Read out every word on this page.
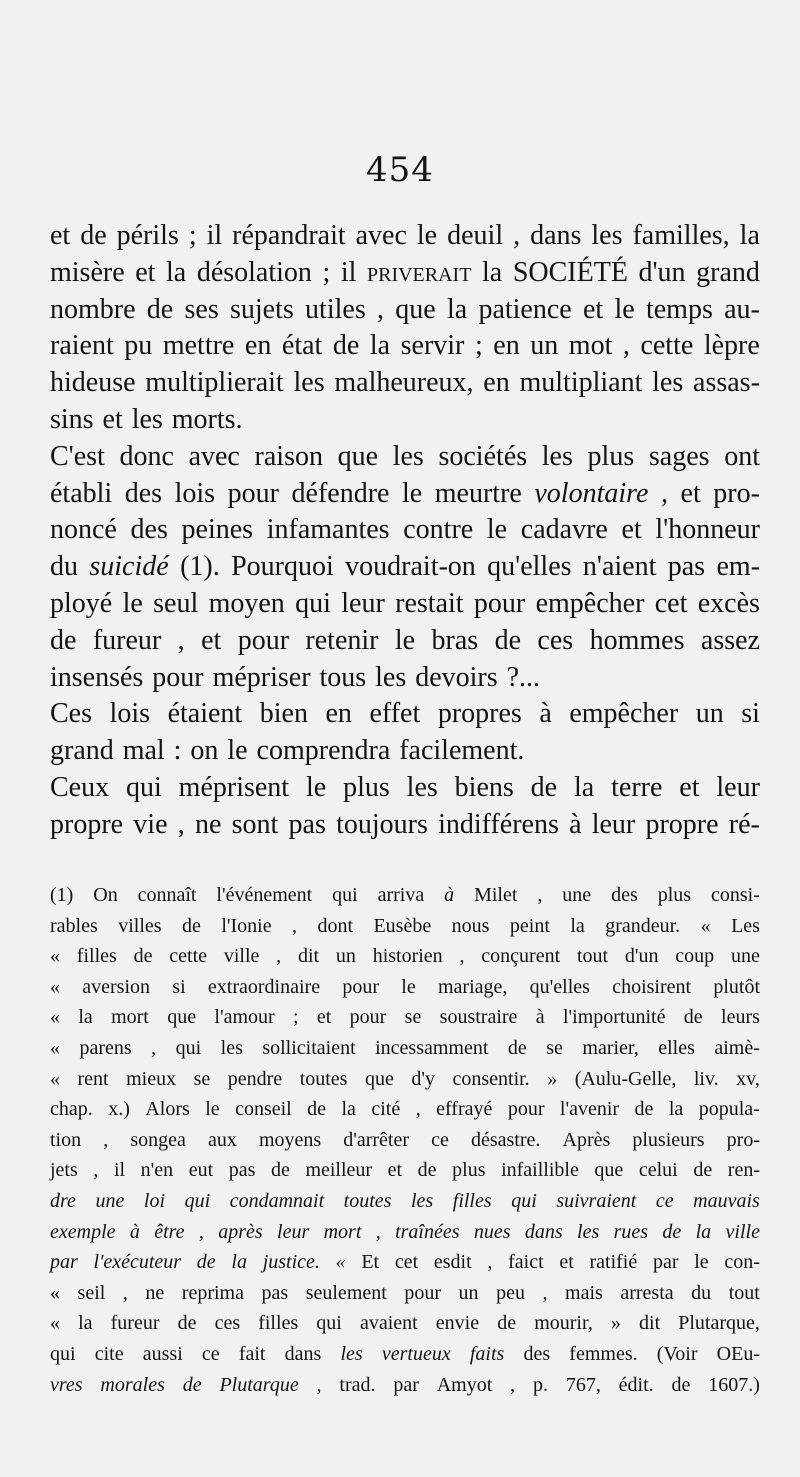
454
et de périls ; il répandrait avec le deuil , dans les familles, la
misère et la désolation ; il priverait la SOCIÉTÉ d'un grand
nombre de ses sujets utiles , que la patience et le temps au-
raient pu mettre en état de la servir ; en un mot , cette lèpre
hideuse multiplierait les malheureux, en multipliant les assas-
sins et les morts.
C'est donc avec raison que les sociétés les plus sages ont
établi des lois pour défendre le meurtre volontaire , et pro-
noncé des peines infamantes contre le cadavre et l'honneur
du suicidé (1). Pourquoi voudrait-on qu'elles n'aient pas em-
ployé le seul moyen qui leur restait pour empêcher cet excès
de fureur , et pour retenir le bras de ces hommes assez
insensés pour mépriser tous les devoirs ?...
Ces lois étaient bien en effet propres à empêcher un si
grand mal : on le comprendra facilement.
Ceux qui méprisent le plus les biens de la terre et leur
propre vie , ne sont pas toujours indifférens à leur propre ré-
(1) On connaît l'événement qui arriva à Milet , une des plus consi-
rables villes de l'Ionie , dont Eusèbe nous peint la grandeur. « Les
« filles de cette ville , dit un historien , conçurent tout d'un coup une
« aversion si extraordinaire pour le mariage, qu'elles choisirent plutôt
« la mort que l'amour ; et pour se soustraire à l'importunité de leurs
« parens , qui les sollicitaient incessamment de se marier, elles aimè-
« rent mieux se pendre toutes que d'y consentir. » (Aulu-Gelle, liv. xv,
chap. x.) Alors le conseil de la cité , effrayé pour l'avenir de la popula-
tion , songea aux moyens d'arrêter ce désastre. Après plusieurs pro-
jets , il n'en eut pas de meilleur et de plus infaillible que celui de ren-
dre une loi qui condamnait toutes les filles qui suivraient ce mauvais
exemple à être , après leur mort , traînées nues dans les rues de la ville
par l'exécuteur de la justice. « Et cet esdit , faict et ratifié par le con-
« seil , ne reprima pas seulement pour un peu , mais arresta du tout
« la fureur de ces filles qui avaient envie de mourir, » dit Plutarque,
qui cite aussi ce fait dans les vertueux faits des femmes. (Voir OEu-
vres morales de Plutarque , trad. par Amyot , p. 767, édit. de 1607.)
